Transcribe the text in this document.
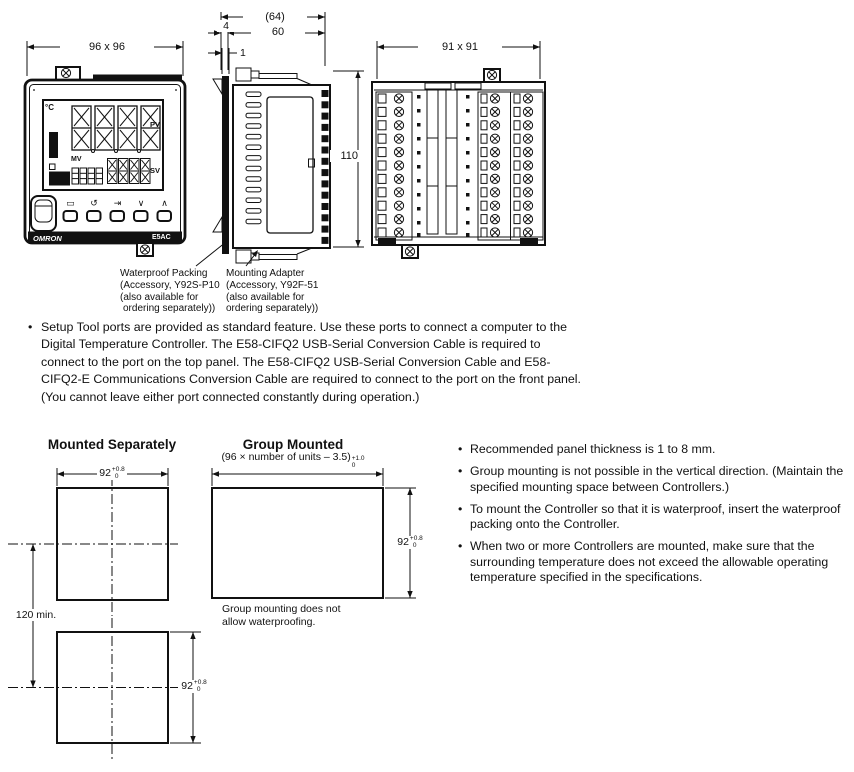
96 x 96
(64)
60
4
1
110
91 x 91
°C
PV
MV
SV
OMRON	E5AC
▭	↺	⇥	∨	∧
Waterproof Packing
(Accessory, Y92S-P10
(also available for
ordering separately))
Mounting Adapter
(Accessory, Y92F-51
(also available for
ordering separately))
• Setup Tool ports are provided as standard feature. Use these ports to connect a computer to the
Digital Temperature Controller. The E58-CIFQ2 USB-Serial Conversion Cable is required to
connect to the port on the top panel. The E58-CIFQ2 USB-Serial Conversion Cable and E58-
CIFQ2-E Communications Conversion Cable are required to connect to the port on the front panel.
(You cannot leave either port connected constantly during operation.)
Mounted Separately	Group Mounted
(96 × number of units – 3.5) +1.0
0
92 +0.8
0
92 +0.8
0
92 +0.8
0
120 min.	Group mounting does not
allow waterproofing.
• Recommended panel thickness is 1 to 8 mm.
• Group mounting is not possible in the vertical direction. (Maintain the specified mounting space between Controllers.)
• To mount the Controller so that it is waterproof, insert the waterproof packing onto the Controller.
• When two or more Controllers are mounted, make sure that the surrounding temperature does not exceed the allowable operating temperature specified in the specifications.
